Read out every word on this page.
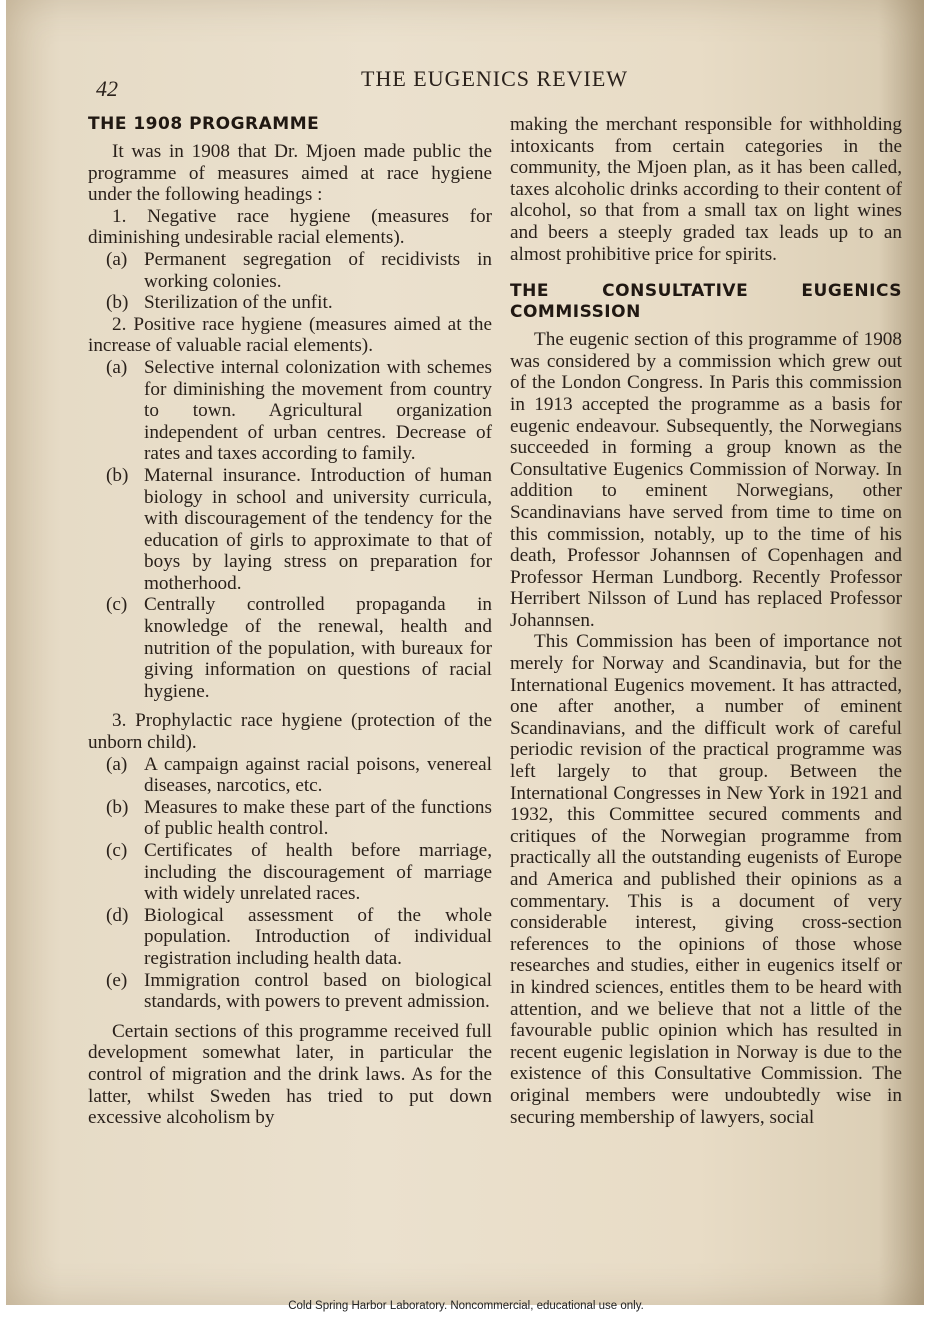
42	THE EUGENICS REVIEW
THE 1908 PROGRAMME

It was in 1908 that Dr. Mjoen made public the programme of measures aimed at race hygiene under the following headings :

1. Negative race hygiene (measures for diminishing undesirable racial elements).

(a) Permanent segregation of recidivists in working colonies.
(b) Sterilization of the unfit.

2. Positive race hygiene (measures aimed at the increase of valuable racial elements).

(a) Selective internal colonization with schemes for diminishing the movement from country to town. Agricultural organization independent of urban centres. Decrease of rates and taxes according to family.
(b) Maternal insurance. Introduction of human biology in school and university curricula, with discouragement of the tendency for the education of girls to approximate to that of boys by laying stress on preparation for motherhood.
(c) Centrally controlled propaganda in knowledge of the renewal, health and nutrition of the population, with bureaux for giving information on questions of racial hygiene.

3. Prophylactic race hygiene (protection of the unborn child).

(a) A campaign against racial poisons, venereal diseases, narcotics, etc.
(b) Measures to make these part of the functions of public health control.
(c) Certificates of health before marriage, including the discouragement of marriage with widely unrelated races.
(d) Biological assessment of the whole population. Introduction of individual registration including health data.
(e) Immigration control based on biological standards, with powers to prevent admission.

Certain sections of this programme received full development somewhat later, in particular the control of migration and the drink laws. As for the latter, whilst Sweden has tried to put down excessive alcoholism by

making the merchant responsible for withholding intoxicants from certain categories in the community, the Mjoen plan, as it has been called, taxes alcoholic drinks according to their content of alcohol, so that from a small tax on light wines and beers a steeply graded tax leads up to an almost prohibitive price for spirits.

THE CONSULTATIVE EUGENICS COMMISSION

The eugenic section of this programme of 1908 was considered by a commission which grew out of the London Congress. In Paris this commission in 1913 accepted the programme as a basis for eugenic endeavour. Subsequently, the Norwegians succeeded in forming a group known as the Consultative Eugenics Commission of Norway. In addition to eminent Norwegians, other Scandinavians have served from time to time on this commission, notably, up to the time of his death, Professor Johannsen of Copenhagen and Professor Herman Lundborg. Recently Professor Herribert Nilsson of Lund has replaced Professor Johannsen.

This Commission has been of importance not merely for Norway and Scandinavia, but for the International Eugenics movement. It has attracted, one after another, a number of eminent Scandinavians, and the difficult work of careful periodic revision of the practical programme was left largely to that group. Between the International Congresses in New York in 1921 and 1932, this Committee secured comments and critiques of the Norwegian programme from practically all the outstanding eugenists of Europe and America and published their opinions as a commentary. This is a document of very considerable interest, giving cross-section references to the opinions of those whose researches and studies, either in eugenics itself or in kindred sciences, entitles them to be heard with attention, and we believe that not a little of the favourable public opinion which has resulted in recent eugenic legislation in Norway is due to the existence of this Consultative Commission. The original members were undoubtedly wise in securing membership of lawyers, social

Cold Spring Harbor Laboratory. Noncommercial, educational use only.
